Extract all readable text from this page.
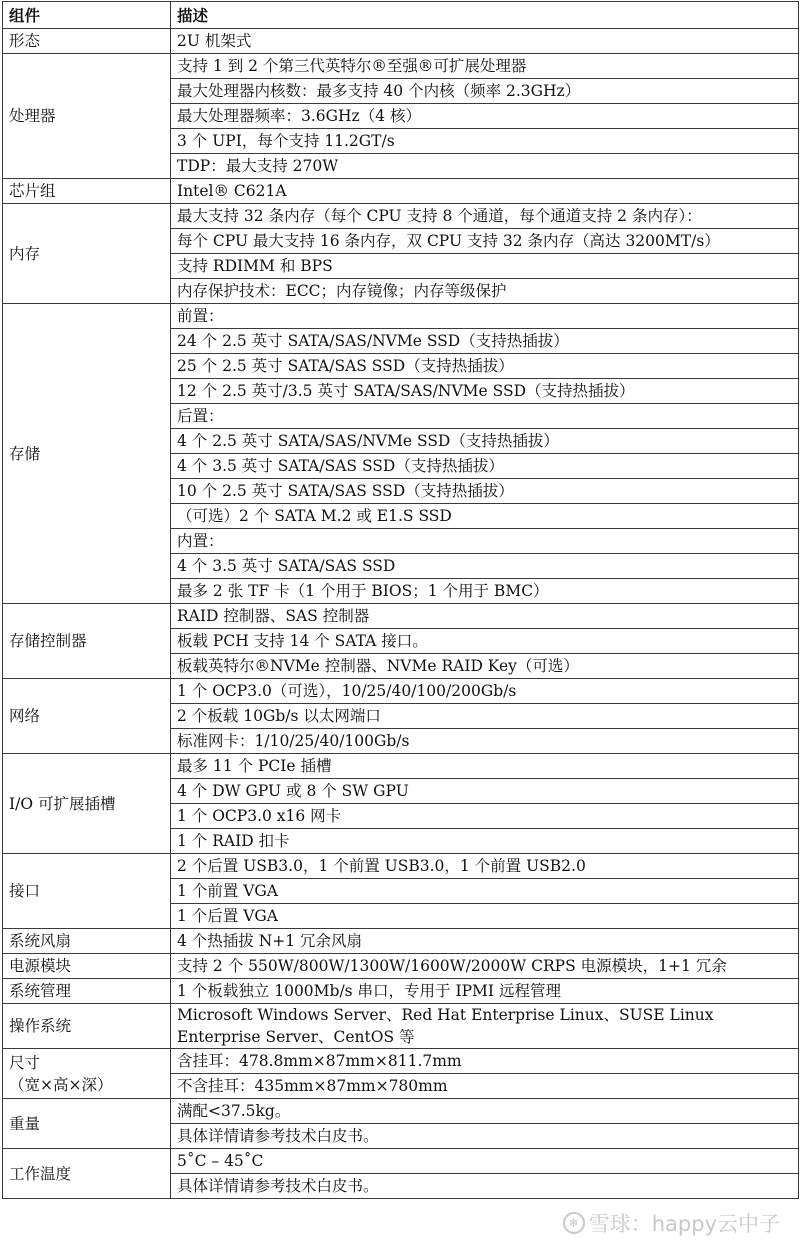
组件	描述
形态	2U 机架式
处理器	支持 1 到 2 个第三代英特尔®至强®可扩展处理器
	最大处理器内核数：最多支持 40 个内核（频率 2.3GHz）
	最大处理器频率：3.6GHz（4 核）
	3 个 UPI，每个支持 11.2GT/s
	TDP：最大支持 270W
芯片组	Intel® C621A
内存	最大支持 32 条内存（每个 CPU 支持 8 个通道，每个通道支持 2 条内存）：
	每个 CPU 最大支持 16 条内存，双 CPU 支持 32 条内存（高达 3200MT/s）
	支持 RDIMM 和 BPS
	内存保护技术：ECC；内存镜像；内存等级保护
存储	前置：
	24 个 2.5 英寸 SATA/SAS/NVMe SSD（支持热插拔）
	25 个 2.5 英寸 SATA/SAS SSD（支持热插拔）
	12 个 2.5 英寸/3.5 英寸 SATA/SAS/NVMe SSD（支持热插拔）
	后置：
	4 个 2.5 英寸 SATA/SAS/NVMe SSD（支持热插拔）
	4 个 3.5 英寸 SATA/SAS SSD（支持热插拔）
	10 个 2.5 英寸 SATA/SAS SSD（支持热插拔）
	（可选）2 个 SATA M.2 或 E1.S SSD
	内置：
	4 个 3.5 英寸 SATA/SAS SSD
	最多 2 张 TF 卡（1 个用于 BIOS；1 个用于 BMC）
存储控制器	RAID 控制器、SAS 控制器
	板载 PCH 支持 14 个 SATA 接口。
	板载英特尔®NVMe 控制器、NVMe RAID Key（可选）
网络	1 个 OCP3.0（可选），10/25/40/100/200Gb/s
	2 个板载 10Gb/s 以太网端口
	标准网卡：1/10/25/40/100Gb/s
I/O 可扩展插槽	最多 11 个 PCIe 插槽
	4 个 DW GPU 或 8 个 SW GPU
	1 个 OCP3.0 x16 网卡
	1 个 RAID 扣卡
接口	2 个后置 USB3.0，1 个前置 USB3.0，1 个前置 USB2.0
	1 个前置 VGA
	1 个后置 VGA
系统风扇	4 个热插拔 N+1 冗余风扇
电源模块	支持 2 个 550W/800W/1300W/1600W/2000W CRPS 电源模块，1+1 冗余
系统管理	1 个板载独立 1000Mb/s 串口，专用于 IPMI 远程管理
操作系统	Microsoft Windows Server、Red Hat Enterprise Linux、SUSE Linux Enterprise Server、CentOS 等
尺寸
（宽×高×深）	含挂耳：478.8mm×87mm×811.7mm
	不含挂耳：435mm×87mm×780mm
重量	满配<37.5kg。
	具体详情请参考技术白皮书。
工作温度	5˚C – 45˚C
	具体详情请参考技术白皮书。
❄ 雪球：happy云中子
